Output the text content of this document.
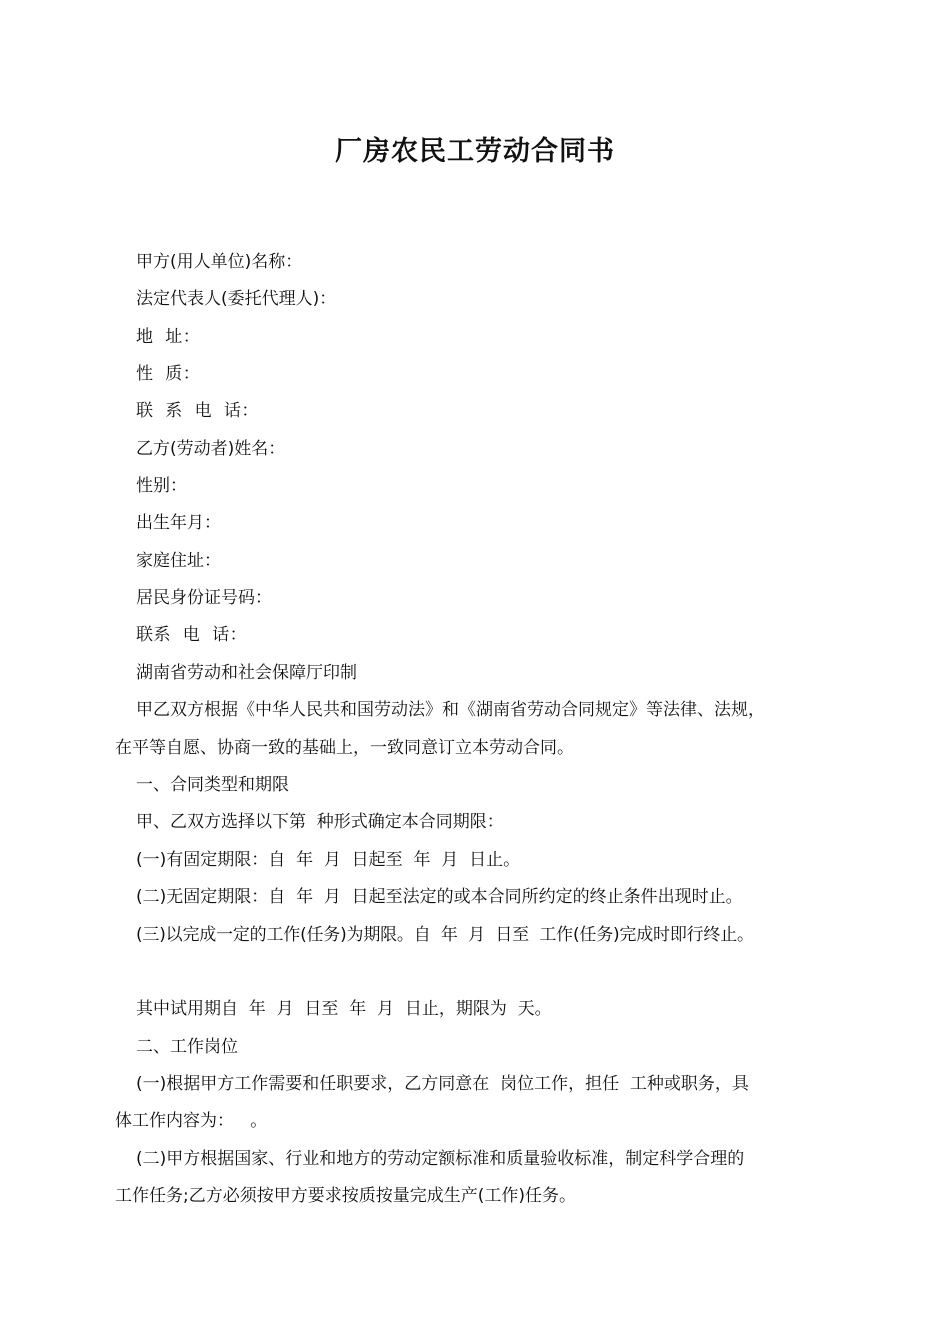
厂房农民工劳动合同书
甲方(用人单位)名称：
法定代表人(委托代理人)：
地  址：
性  质：
联  系  电  话：
乙方(劳动者)姓名：
性别：
出生年月：
家庭住址：
居民身份证号码：
联系  电  话：
湖南省劳动和社会保障厅印制
甲乙双方根据《中华人民共和国劳动法》和《湖南省劳动合同规定》等法律、法规，
在平等自愿、协商一致的基础上，一致同意订立本劳动合同。
一、合同类型和期限
甲、乙双方选择以下第  种形式确定本合同期限：
(一)有固定期限：自  年  月  日起至  年  月  日止。
(二)无固定期限：自  年  月  日起至法定的或本合同所约定的终止条件出现时止。
(三)以完成一定的工作(任务)为期限。自  年  月  日至  工作(任务)完成时即行终止。
其中试用期自  年  月  日至  年  月  日止，期限为  天。
二、工作岗位
(一)根据甲方工作需要和任职要求，乙方同意在  岗位工作，担任  工种或职务，具
体工作内容为：   。
(二)甲方根据国家、行业和地方的劳动定额标准和质量验收标准，制定科学合理的
工作任务;乙方必须按甲方要求按质按量完成生产(工作)任务。
